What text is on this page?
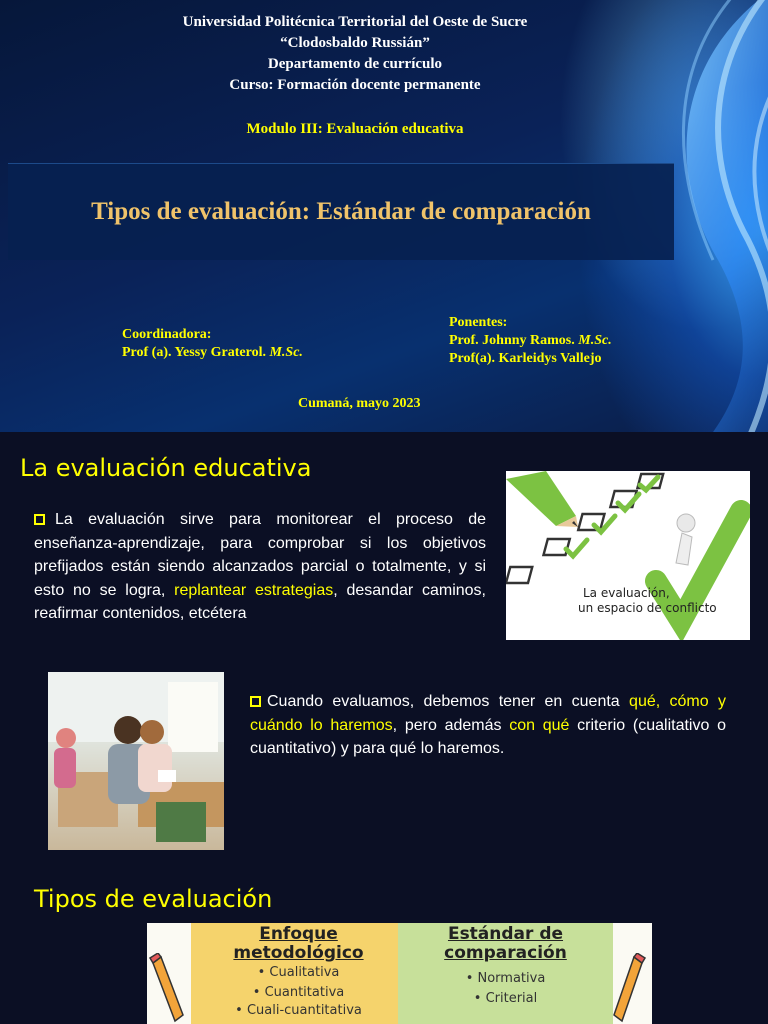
Universidad Politécnica Territorial del Oeste de Sucre
“Clodosbaldo Russián”
Departamento de currículo
Curso: Formación docente permanente
Modulo III: Evaluación educativa
Tipos de evaluación: Estándar de comparación
Coordinadora:
Prof (a). Yessy Graterol. M.Sc.
Ponentes:
Prof. Johnny Ramos. M.Sc.
Prof(a). Karleidys Vallejo
Cumaná, mayo 2023
La evaluación educativa
La evaluación sirve para monitorear el proceso de enseñanza-aprendizaje, para comprobar si los objetivos prefijados están siendo alcanzados parcial o totalmente, y si esto no se logra, replantear estrategias, desandar caminos, reafirmar contenidos, etcétera
La evaluación,
un espacio de conflicto
Cuando evaluamos, debemos tener en cuenta qué, cómo y cuándo lo haremos, pero además con qué criterio (cualitativo o cuantitativo) y para qué lo haremos.
Tipos de evaluación
Enfoque
metodológico
• Cualitativa
• Cuantitativa
• Cuali-cuantitativa
Estándar de
comparación
• Normativa
• Criterial
